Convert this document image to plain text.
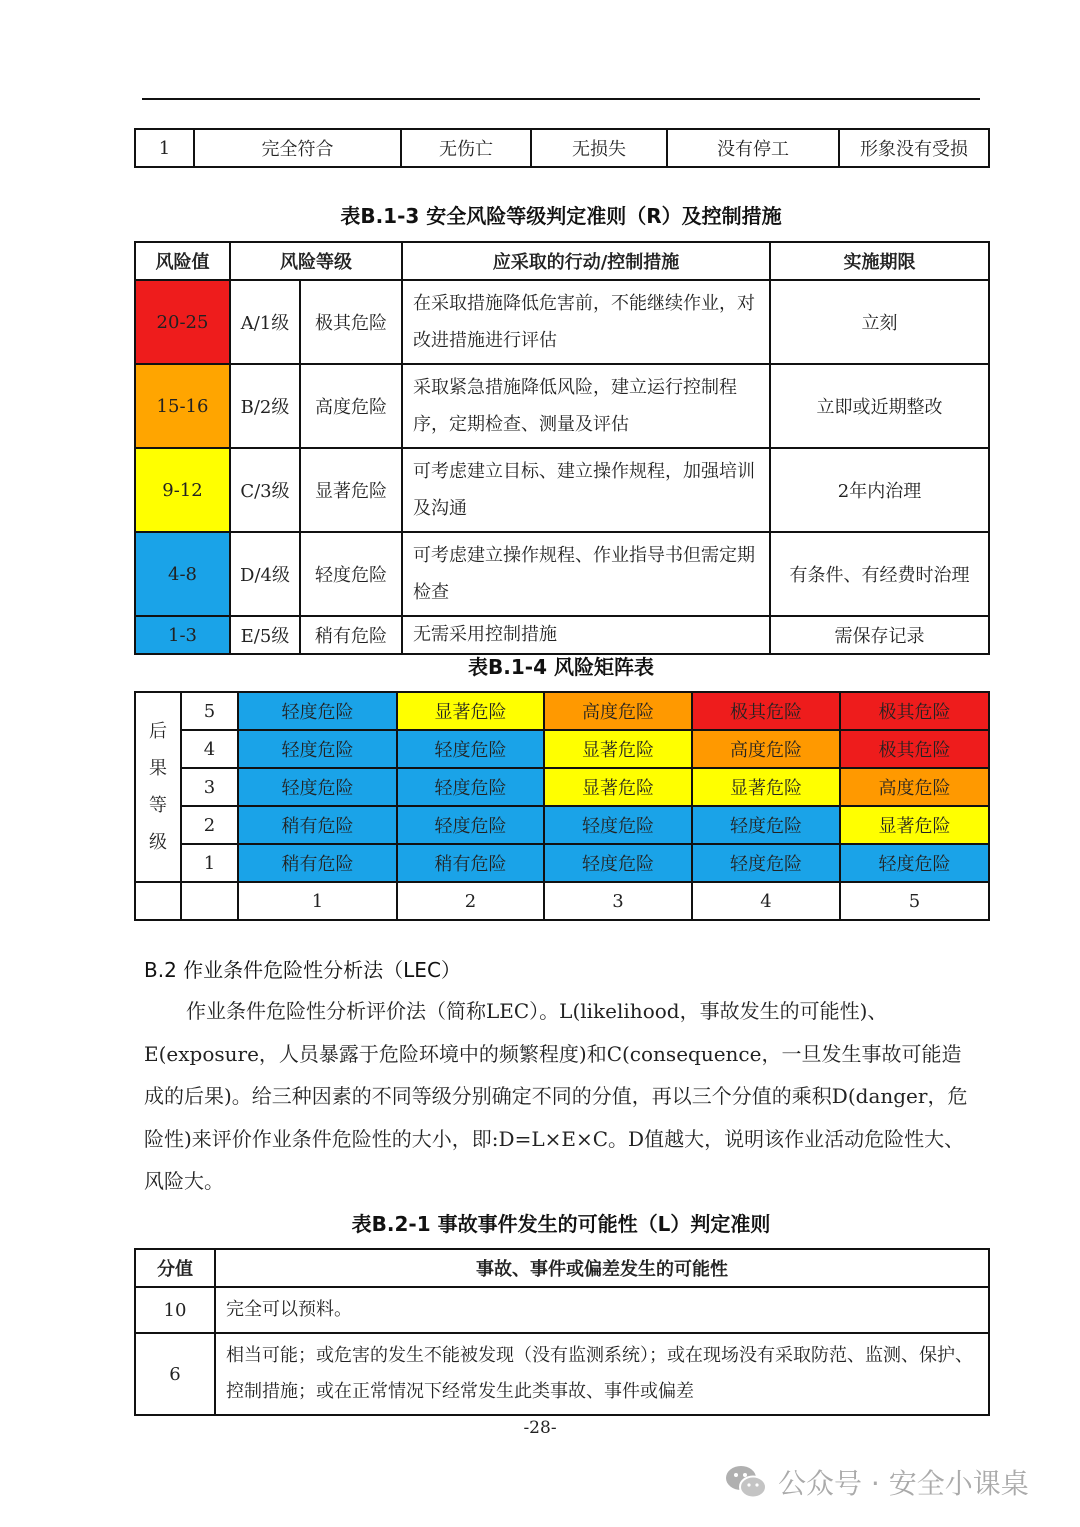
1	完全符合	无伤亡	无损失	没有停工	形象没有受损
表B.1-3 安全风险等级判定准则（R）及控制措施
风险值	风险等级		应采取的行动/控制措施	实施期限
20-25	A/1级	极其危险	在采取措施降低危害前，不能继续作业，对改进措施进行评估	立刻
15-16	B/2级	高度危险	采取紧急措施降低风险，建立运行控制程序，定期检查、测量及评估	立即或近期整改
9-12	C/3级	显著危险	可考虑建立目标、建立操作规程，加强培训及沟通	2年内治理
4-8	D/4级	轻度危险	可考虑建立操作规程、作业指导书但需定期检查	有条件、有经费时治理
1-3	E/5级	稍有危险	无需采用控制措施	需保存记录
表B.1-4 风险矩阵表
后
果
等
级	5	轻度危险	显著危险	高度危险	极其危险	极其危险
	4	轻度危险	轻度危险	显著危险	高度危险	极其危险
	3	轻度危险	轻度危险	显著危险	显著危险	高度危险
	2	稍有危险	轻度危险	轻度危险	轻度危险	显著危险
	1	稍有危险	稍有危险	轻度危险	轻度危险	轻度危险
		1	2	3	4	5
B.2 作业条件危险性分析法（LEC）

作业条件危险性分析评价法（简称LEC）。L(likelihood，事故发生的可能性)、E(exposure，人员暴露于危险环境中的频繁程度)和C(consequence，一旦发生事故可能造成的后果)。给三种因素的不同等级分别确定不同的分值，再以三个分值的乘积D(danger，危险性)来评价作业条件危险性的大小，即:D=L×E×C。D值越大，说明该作业活动危险性大、风险大。

表B.2-1 事故事件发生的可能性（L）判定准则
分值	事故、事件或偏差发生的可能性
10	完全可以预料。
6	相当可能；或危害的发生不能被发现（没有监测系统）；或在现场没有采取防范、监测、保护、控制措施；或在正常情况下经常发生此类事故、事件或偏差
-28-
公众号 · 安全小课桌
